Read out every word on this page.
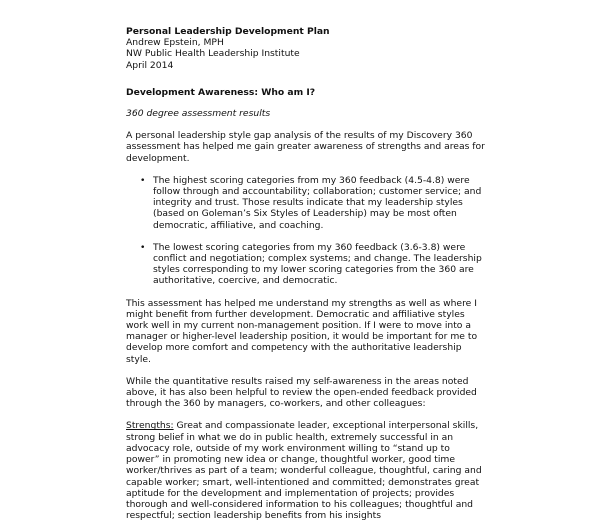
Personal Leadership Development Plan
Andrew Epstein, MPH
NW Public Health Leadership Institute
April 2014
Development Awareness: Who am I?
360 degree assessment results
A personal leadership style gap analysis of the results of my Discovery 360 assessment has helped me gain greater awareness of strengths and areas for development.
• The highest scoring categories from my 360 feedback (4.5-4.8) were follow through and accountability; collaboration; customer service; and integrity and trust. Those results indicate that my leadership styles (based on Goleman’s Six Styles of Leadership) may be most often democratic, affiliative, and coaching.
• The lowest scoring categories from my 360 feedback (3.6-3.8) were conflict and negotiation; complex systems; and change. The leadership styles corresponding to my lower scoring categories from the 360 are authoritative, coercive, and democratic.
This assessment has helped me understand my strengths as well as where I might benefit from further development. Democratic and affiliative styles work well in my current non-management position. If I were to move into a manager or higher-level leadership position, it would be important for me to develop more comfort and competency with the authoritative leadership style.
While the quantitative results raised my self-awareness in the areas noted above, it has also been helpful to review the open-ended feedback provided through the 360 by managers, co-workers, and other colleagues:
Strengths: Great and compassionate leader, exceptional interpersonal skills, strong belief in what we do in public health, extremely successful in an advocacy role, outside of my work environment willing to “stand up to power” in promoting new idea or change, thoughtful worker, good time worker/thrives as part of a team; wonderful colleague, thoughtful, caring and capable worker; smart, well-intentioned and committed; demonstrates great aptitude for the development and implementation of projects; provides thorough and well-considered information to his colleagues; thoughtful and respectful; section leadership benefits from his insights
